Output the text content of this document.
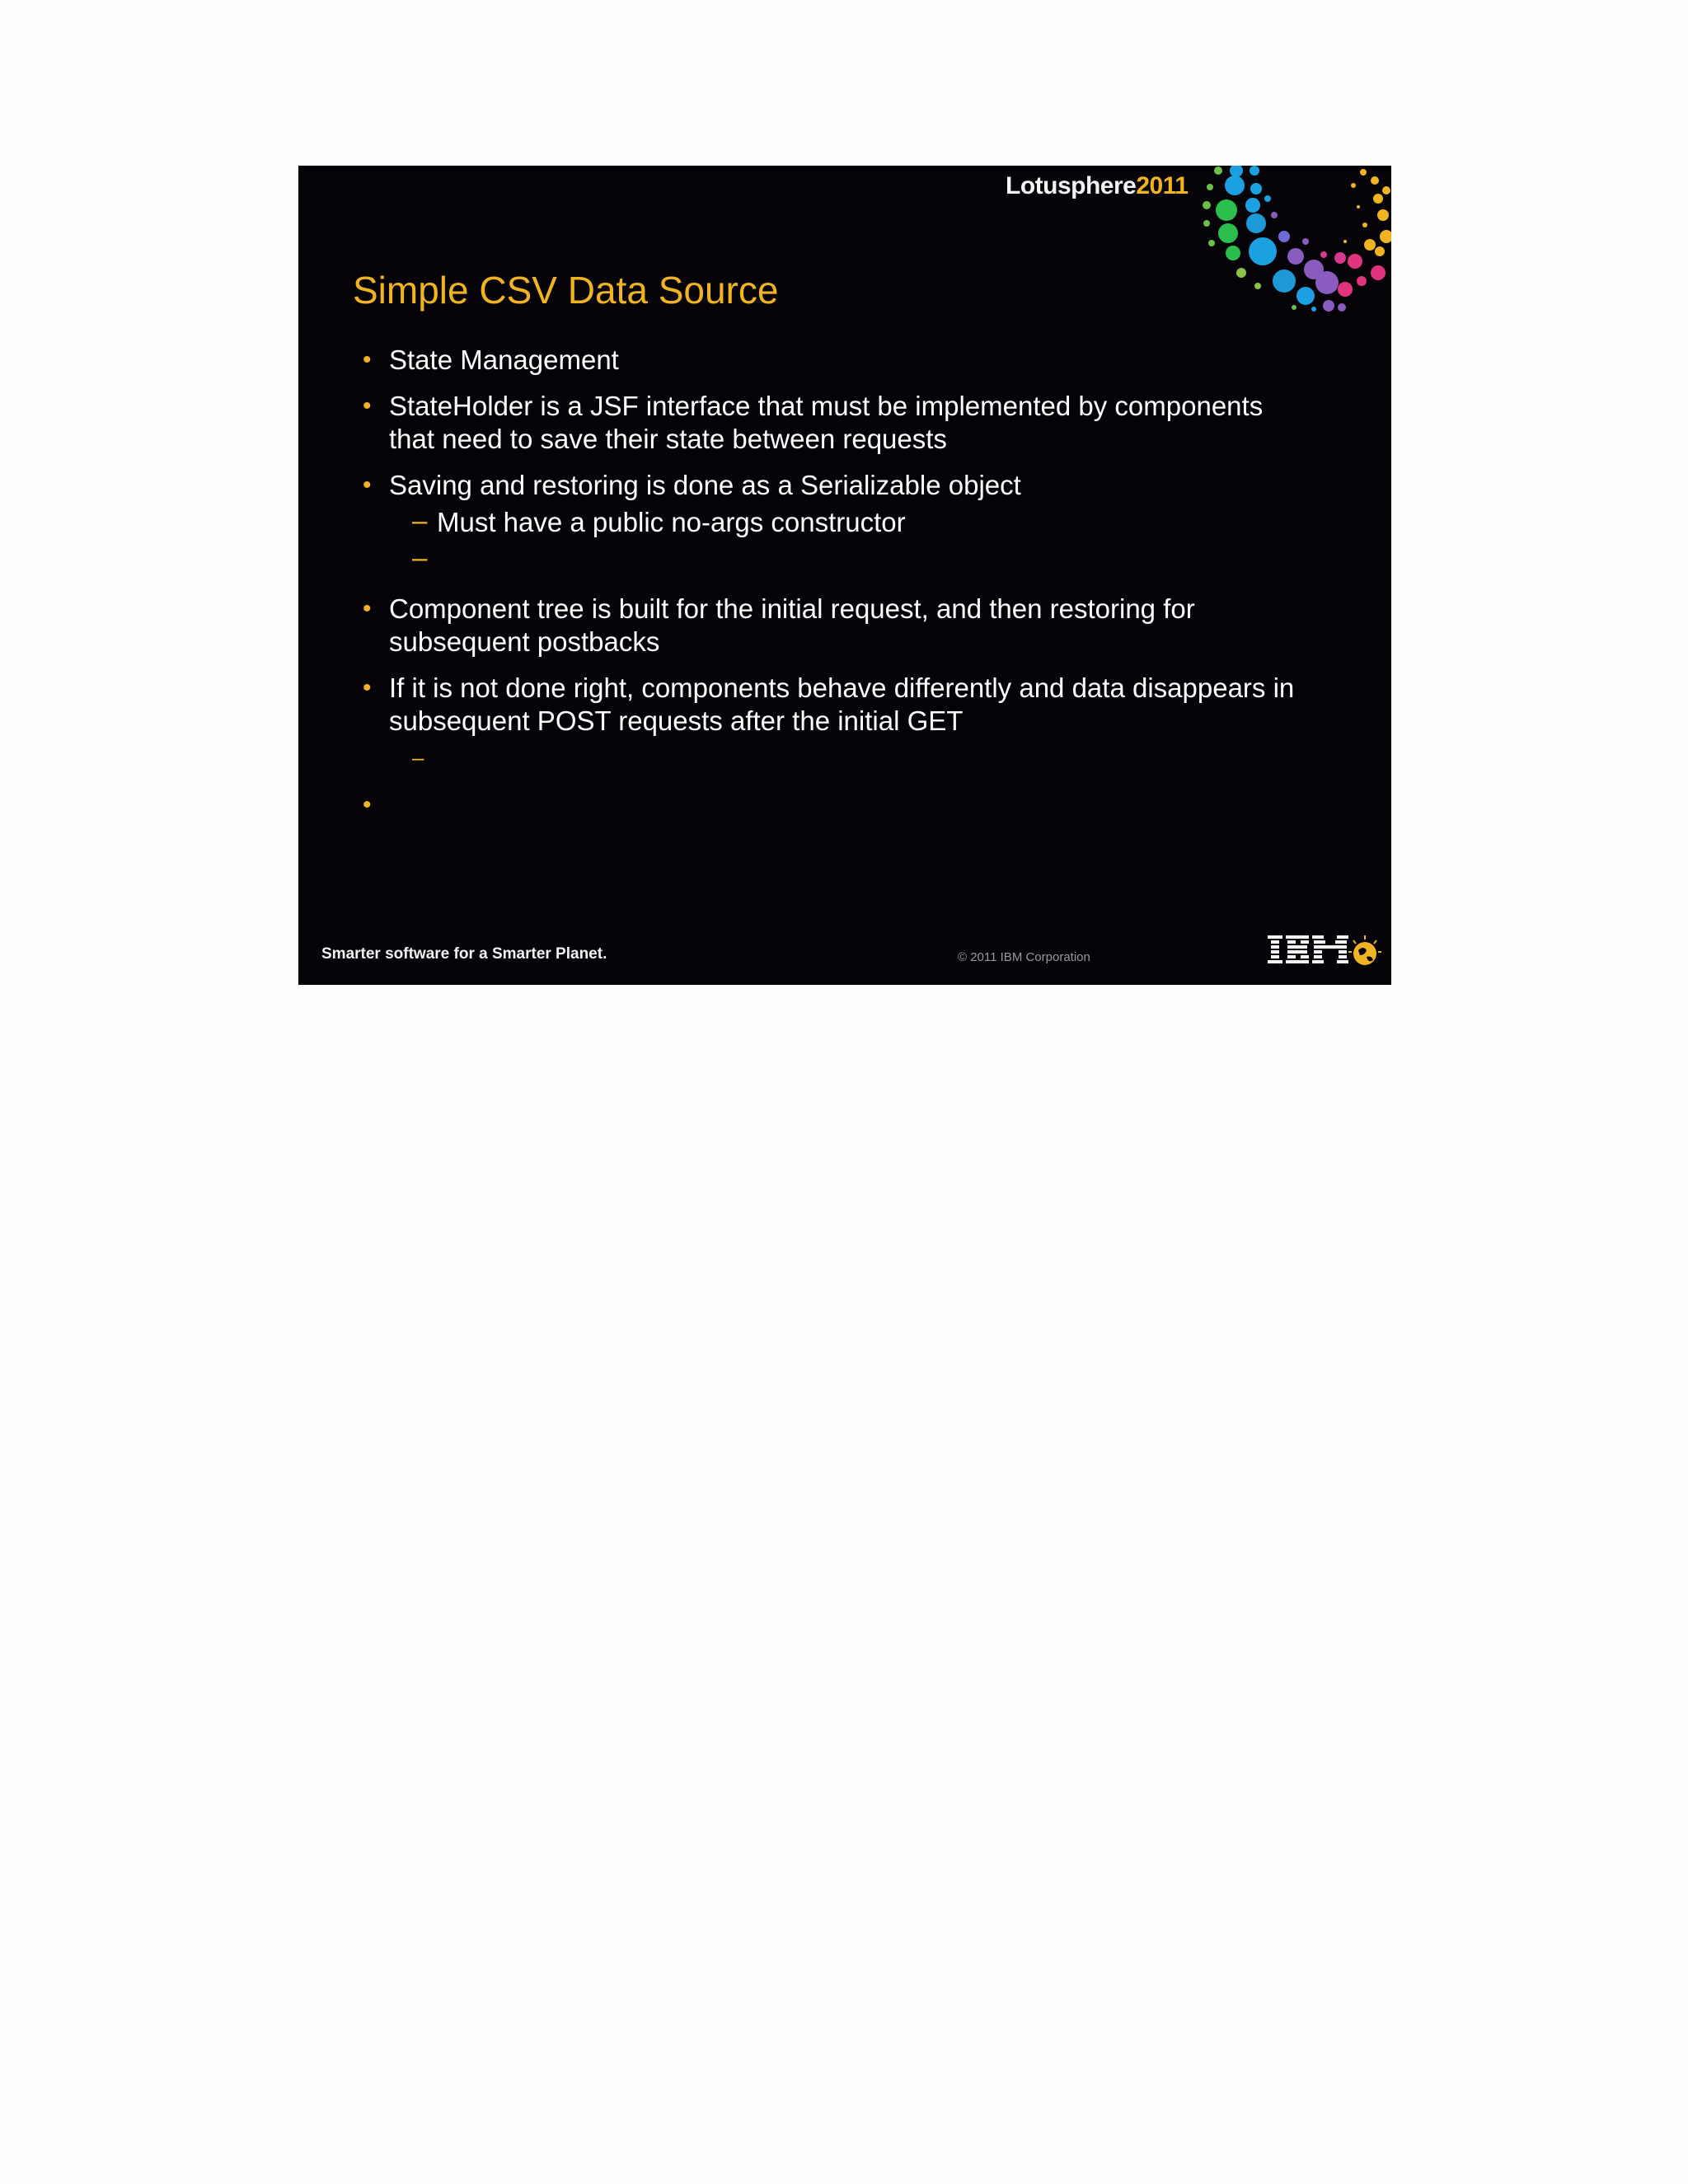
Lotusphere2011
Simple CSV Data Source
• State Management
• StateHolder is a JSF interface that must be implemented by components
that need to save their state between requests
• Saving and restoring is done as a Serializable object
– Must have a public no-args constructor
–
• Component tree is built for the initial request, and then restoring for
subsequent postbacks
• If it is not done right, components behave differently and data disappears in
subsequent POST requests after the initial GET
–
•
Smarter software for a Smarter Planet.	© 2011 IBM Corporation
